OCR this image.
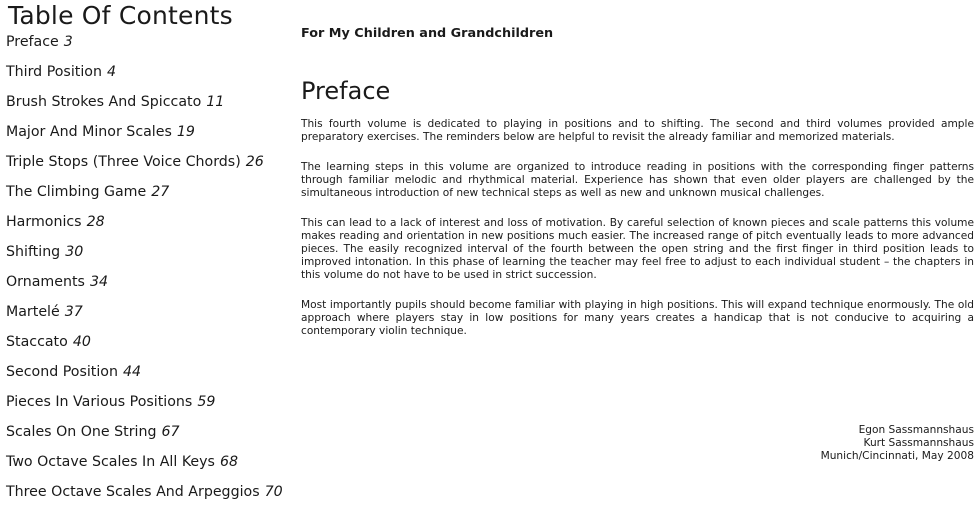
Table Of Contents
Preface 3
Third Position 4
Brush Strokes And Spiccato 11
Major And Minor Scales 19
Triple Stops (Three Voice Chords) 26
The Climbing Game 27
Harmonics 28
Shifting 30
Ornaments 34
Martelé 37
Staccato 40
Second Position 44
Pieces In Various Positions 59
Scales On One String 67
Two Octave Scales In All Keys 68
Three Octave Scales And Arpeggios 70
For My Children and Grandchildren
Preface

This fourth volume is dedicated to playing in positions and to shifting. The second and third volumes provided ample preparatory exercises. The reminders below are helpful to revisit the already familiar and memorized materials.

The learning steps in this volume are organized to introduce reading in positions with the corresponding finger patterns through familiar melodic and rhythmical material. Experience has shown that even older players are challenged by the simultaneous introduction of new technical steps as well as new and unknown musical challenges.

This can lead to a lack of interest and loss of motivation. By careful selection of known pieces and scale patterns this volume makes reading and orientation in new positions much easier. The increased range of pitch eventually leads to more advanced pieces. The easily recognized interval of the fourth between the open string and the first finger in third position leads to improved intonation. In this phase of learning the teacher may feel free to adjust to each individual student – the chapters in this volume do not have to be used in strict succession.

Most importantly pupils should become familiar with playing in high positions. This will expand technique enormously. The old approach where players stay in low positions for many years creates a handicap that is not conducive to acquiring a contemporary violin technique.

Egon Sassmannshaus
Kurt Sassmannshaus
Munich/Cincinnati, May 2008
